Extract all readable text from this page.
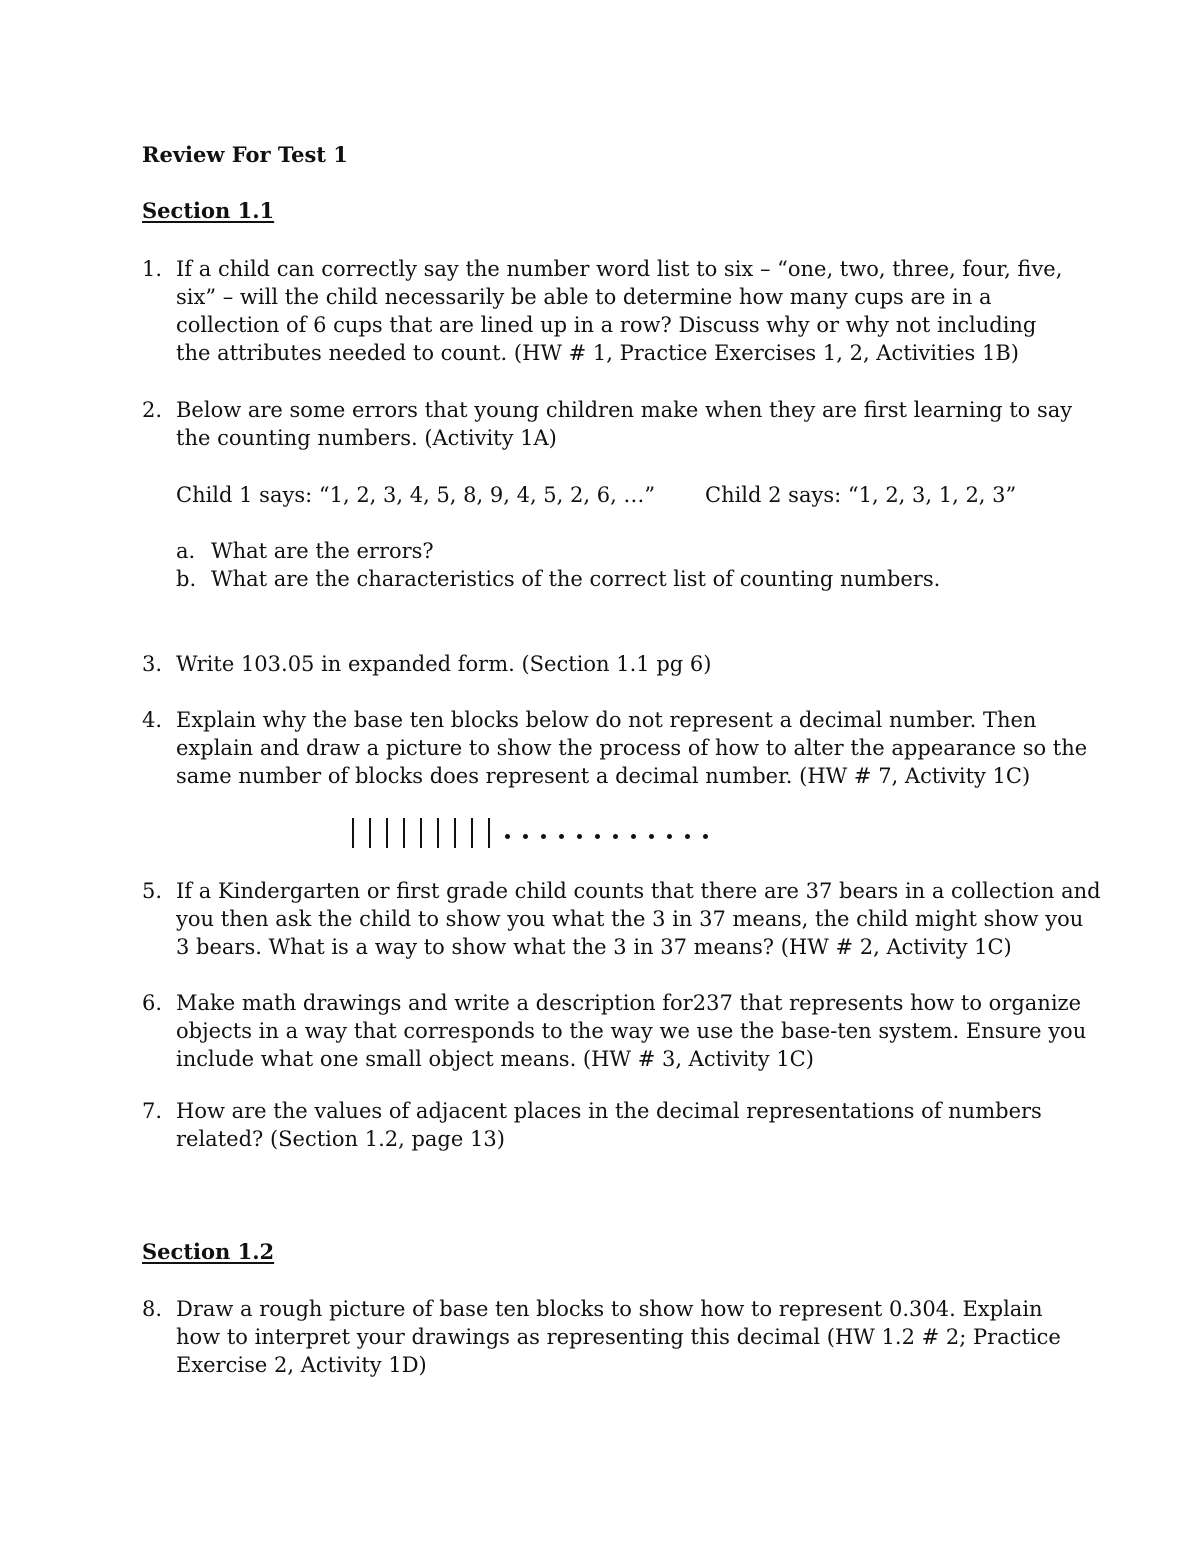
Review For Test 1
Section 1.1
1. If a child can correctly say the number word list to six – “one, two, three, four, five,
six” – will the child necessarily be able to determine how many cups are in a
collection of 6 cups that are lined up in a row? Discuss why or why not including
the attributes needed to count. (HW # 1, Practice Exercises 1, 2, Activities 1B)
2. Below are some errors that young children make when they are first learning to say
the counting numbers. (Activity 1A)
Child 1 says: “1, 2, 3, 4, 5, 8, 9, 4, 5, 2, 6, …” Child 2 says: “1, 2, 3, 1, 2, 3”
a. What are the errors?
b. What are the characteristics of the correct list of counting numbers.
3. Write 103.05 in expanded form. (Section 1.1 pg 6)
4. Explain why the base ten blocks below do not represent a decimal number. Then
explain and draw a picture to show the process of how to alter the appearance so the
same number of blocks does represent a decimal number. (HW # 7, Activity 1C)
5. If a Kindergarten or first grade child counts that there are 37 bears in a collection and
you then ask the child to show you what the 3 in 37 means, the child might show you
3 bears. What is a way to show what the 3 in 37 means? (HW # 2, Activity 1C)
6. Make math drawings and write a description for237 that represents how to organize
objects in a way that corresponds to the way we use the base-ten system. Ensure you
include what one small object means. (HW # 3, Activity 1C)
7. How are the values of adjacent places in the decimal representations of numbers
related? (Section 1.2, page 13)
Section 1.2
8. Draw a rough picture of base ten blocks to show how to represent 0.304. Explain
how to interpret your drawings as representing this decimal (HW 1.2 # 2; Practice
Exercise 2, Activity 1D)
